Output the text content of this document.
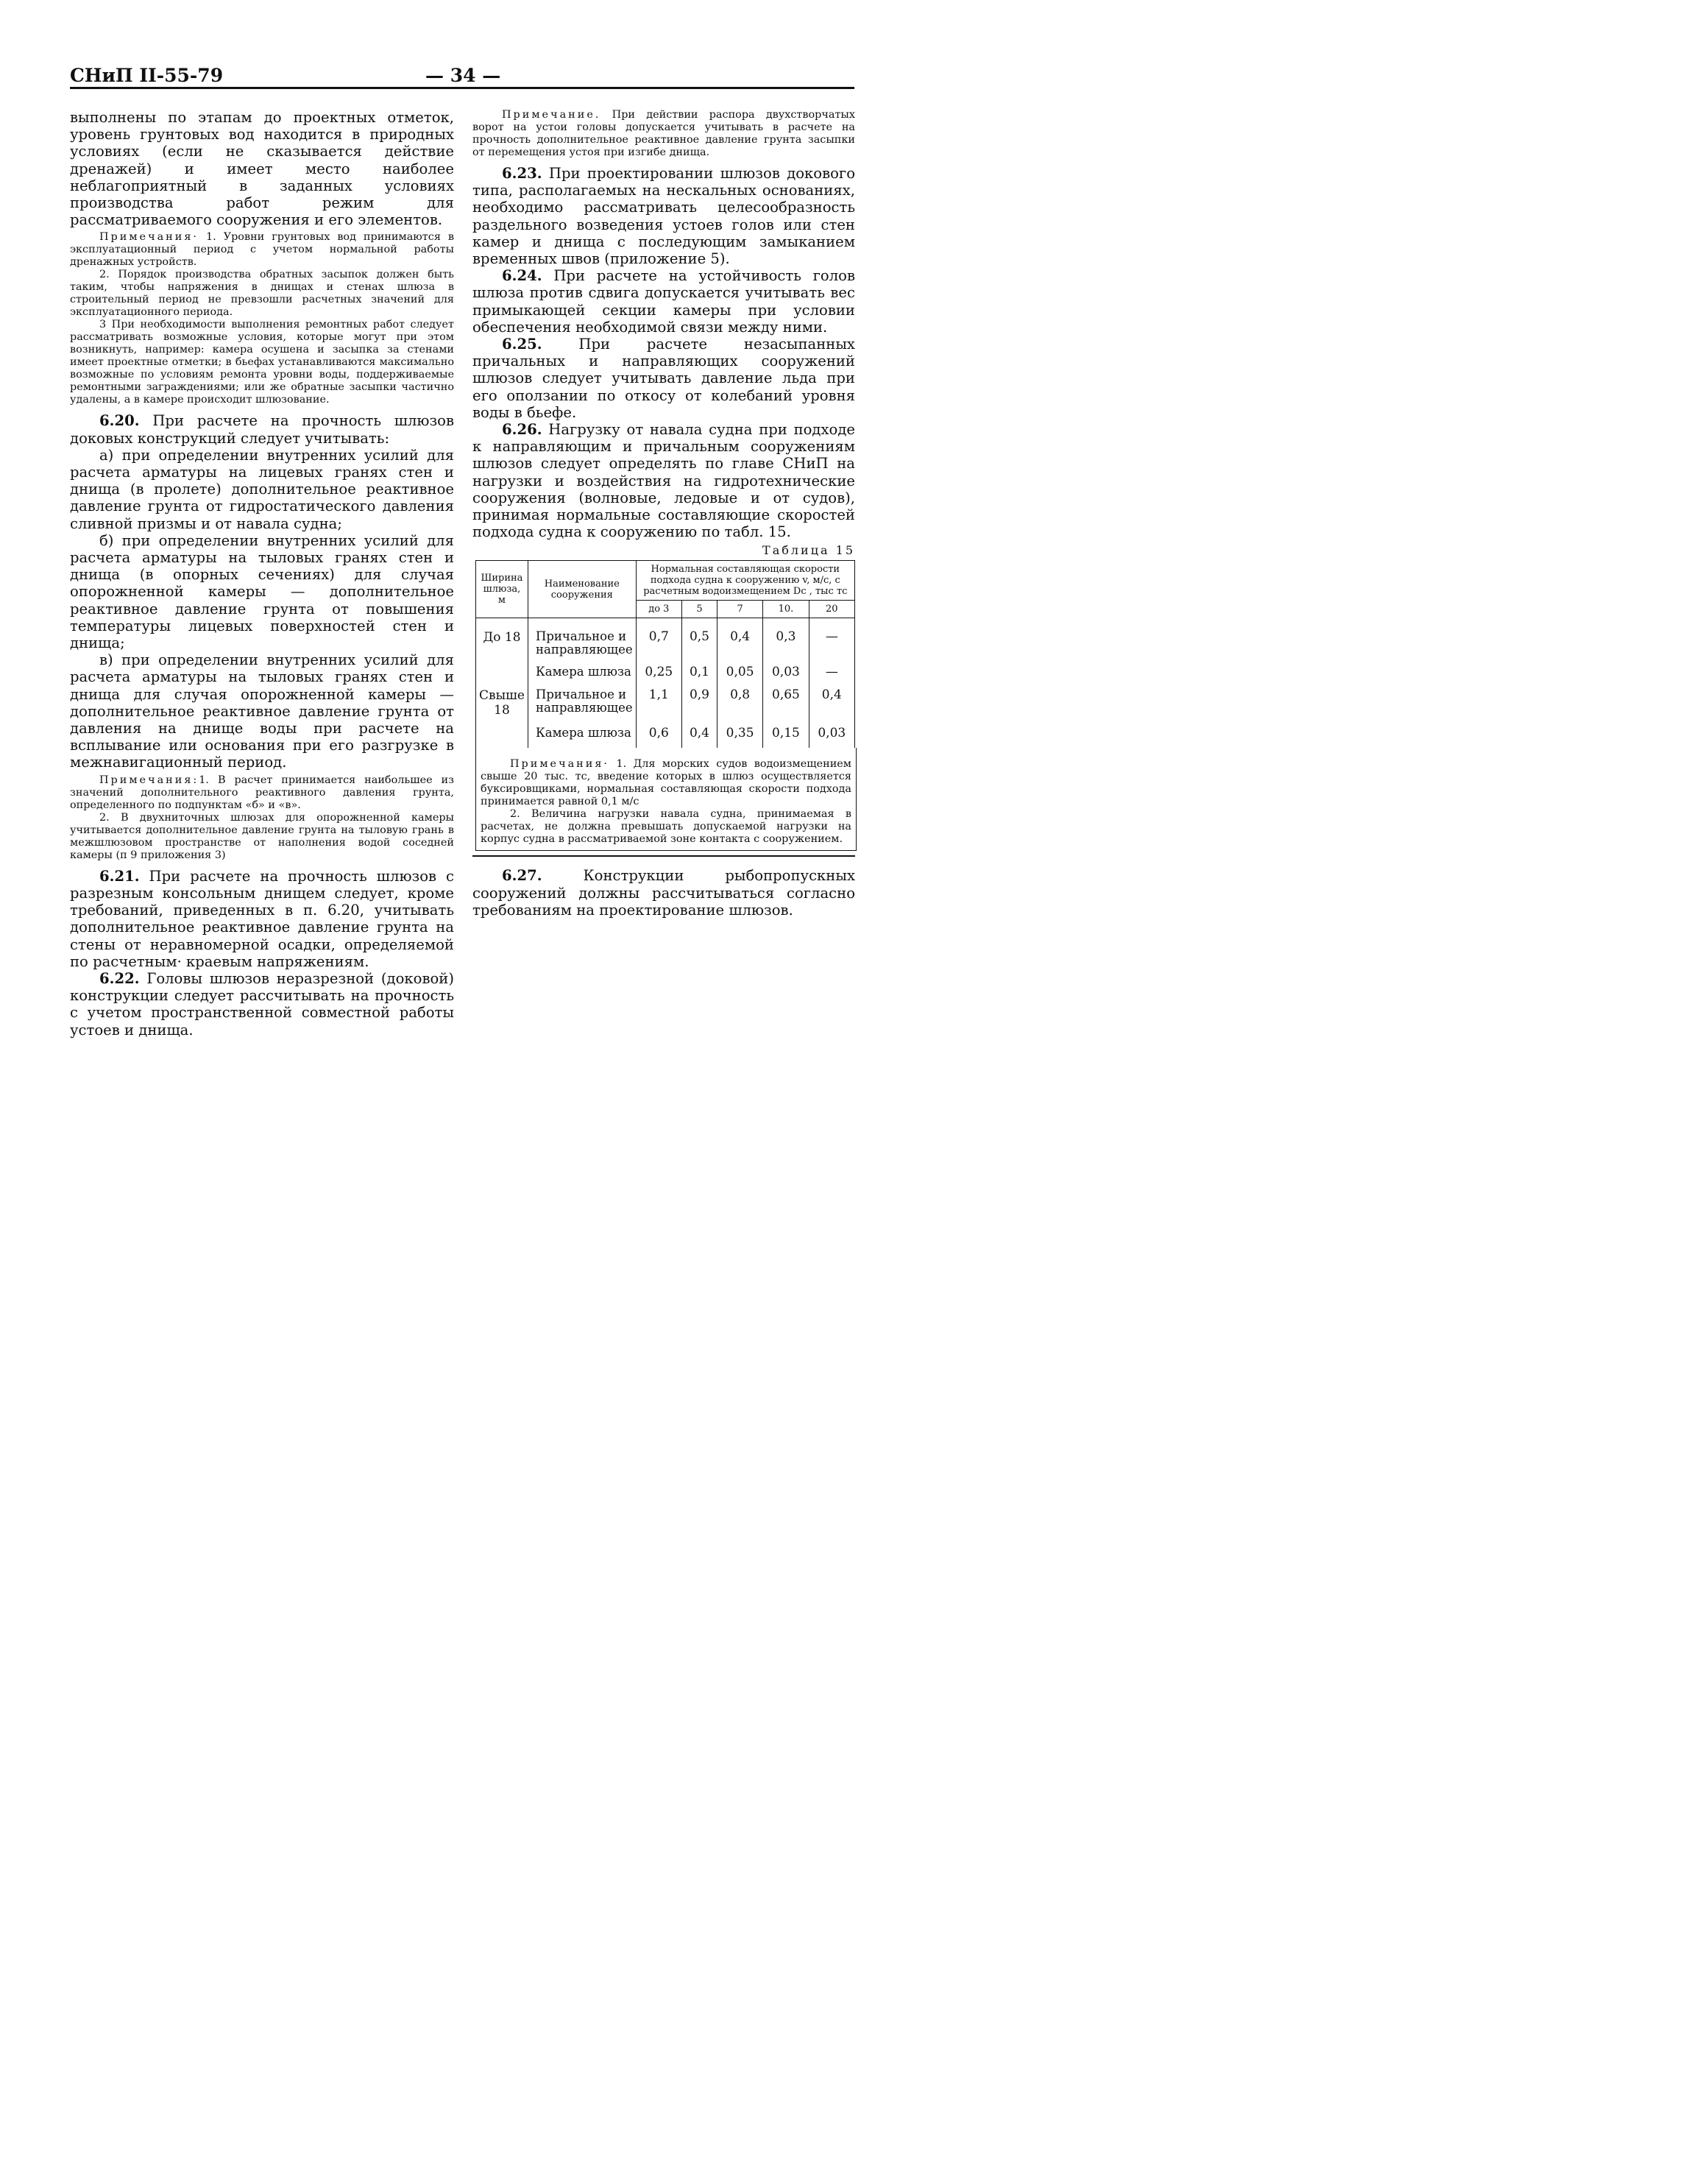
СНиП II-55-79	— 34 —

выполнены по этапам до проектных отметок, уровень грунтовых вод находится в природных условиях (если не сказывается действие дренажей) и имеет место наиболее неблагоприятный в заданных условиях производства работ режим для рассматриваемого сооружения и его элементов.

Примечания· 1. Уровни грунтовых вод принимаются в эксплуатационный период с учетом нормальной работы дренажных устройств.

2. Порядок производства обратных засыпок должен быть таким, чтобы напряжения в днищах и стенах шлюза в строительный период не превзошли расчетных значений для эксплуатационного периода.

3 При необходимости выполнения ремонтных работ следует рассматривать возможные условия, которые могут при этом возникнуть, например: камера осушена и засыпка за стенами имеет проектные отметки; в бьефах устанавливаются максимально возможные по условиям ремонта уровни воды, поддерживаемые ремонтными заграждениями; или же обратные засыпки частично удалены, а в камере происходит шлюзование.

6.20. При расчете на прочность шлюзов доковых конструкций следует учитывать:

а) при определении внутренних усилий для расчета арматуры на лицевых гранях стен и днища (в пролете) дополнительное реактивное давление грунта от гидростатического давления сливной призмы и от навала судна;

б) при определении внутренних усилий для расчета арматуры на тыловых гранях стен и днища (в опорных сечениях) для случая опорожненной камеры — дополнительное реактивное давление грунта от повышения температуры лицевых поверхностей стен и днища;

в) при определении внутренних усилий для расчета арматуры на тыловых гранях стен и днища для случая опорожненной камеры — дополнительное реактивное давление грунта от давления на днище воды при расчете на всплывание или основания при его разгрузке в межнавигационный период.

Примечания:1. В расчет принимается наибольшее из значений дополнительного реактивного давления грунта, определенного по подпунктам «б» и «в».

2. В двухниточных шлюзах для опорожненной камеры учитывается дополнительное давление грунта на тыловую грань в межшлюзовом пространстве от наполнения водой соседней камеры (п 9 приложения 3)

6.21. При расчете на прочность шлюзов с разрезным консольным днищем следует, кроме требований, приведенных в п. 6.20, учитывать дополнительное реактивное давление грунта на стены от неравномерной осадки, определяемой по расчетным· краевым напряжениям.

6.22. Головы шлюзов неразрезной (доковой) конструкции следует рассчитывать на прочность с учетом пространственной совместной работы устоев и днища.

Примечание. При действии распора двухстворчатых ворот на устои головы допускается учитывать в расчете на прочность дополнительное реактивное давление грунта засыпки от перемещения устоя при изгибе днища.

6.23. При проектировании шлюзов докового типа, располагаемых на нескальных основаниях, необходимо рассматривать целесообразность раздельного возведения устоев голов или стен камер и днища с последующим замыканием временных швов (приложение 5).

6.24. При расчете на устойчивость голов шлюза против сдвига допускается учитывать вес примыкающей секции камеры при условии обеспечения необходимой связи между ними.

6.25.	При расчете незасыпанных причальных и направляющих сооружений шлюзов следует учитывать давление льда при его оползании по откосу от колебаний уровня воды в бьефе.

6.26. Нагрузку от навала судна при подходе к направляющим и причальным сооружениям шлюзов следует определять по главе СНиП на нагрузки и воздействия на гидротехнические сооружения (волновые, ледовые и от судов), принимая нормальные составляющие скоростей подхода судна к сооружению по табл. 15.

Таблица 15
Ширина шлюза, м	Наименование сооружения	Нормальная составляющая скорости подхода судна к сооружению v, м/с, с расчетным водоизмещением Dc , тыс тс				
		до 3	5	7	10.	20
До 18	Причальное и направляющее	0,7	0,5	0,4	0,3	—
	Камера шлюза	0,25	0,1	0,05	0,03	—
Свыше 18	Причальное и направляющее	1,1	0,9	0,8	0,65	0,4
	Камера шлюза	0,6	0,4	0,35	0,15	0,03

Примечания· 1. Для морских судов водоизмещением свыше 20 тыс. тс, введение которых в шлюз осуществляется буксировщиками, нормальная составляющая скорости подхода принимается равной 0,1 м/с

2. Величина нагрузки навала судна, принимаемая в расчетах, не должна превышать допускаемой нагрузки на корпус судна в рассматриваемой зоне контакта с сооружением.

6.27.	Конструкции рыбопропускных сооружений должны рассчитываться согласно требованиям на проектирование шлюзов.
